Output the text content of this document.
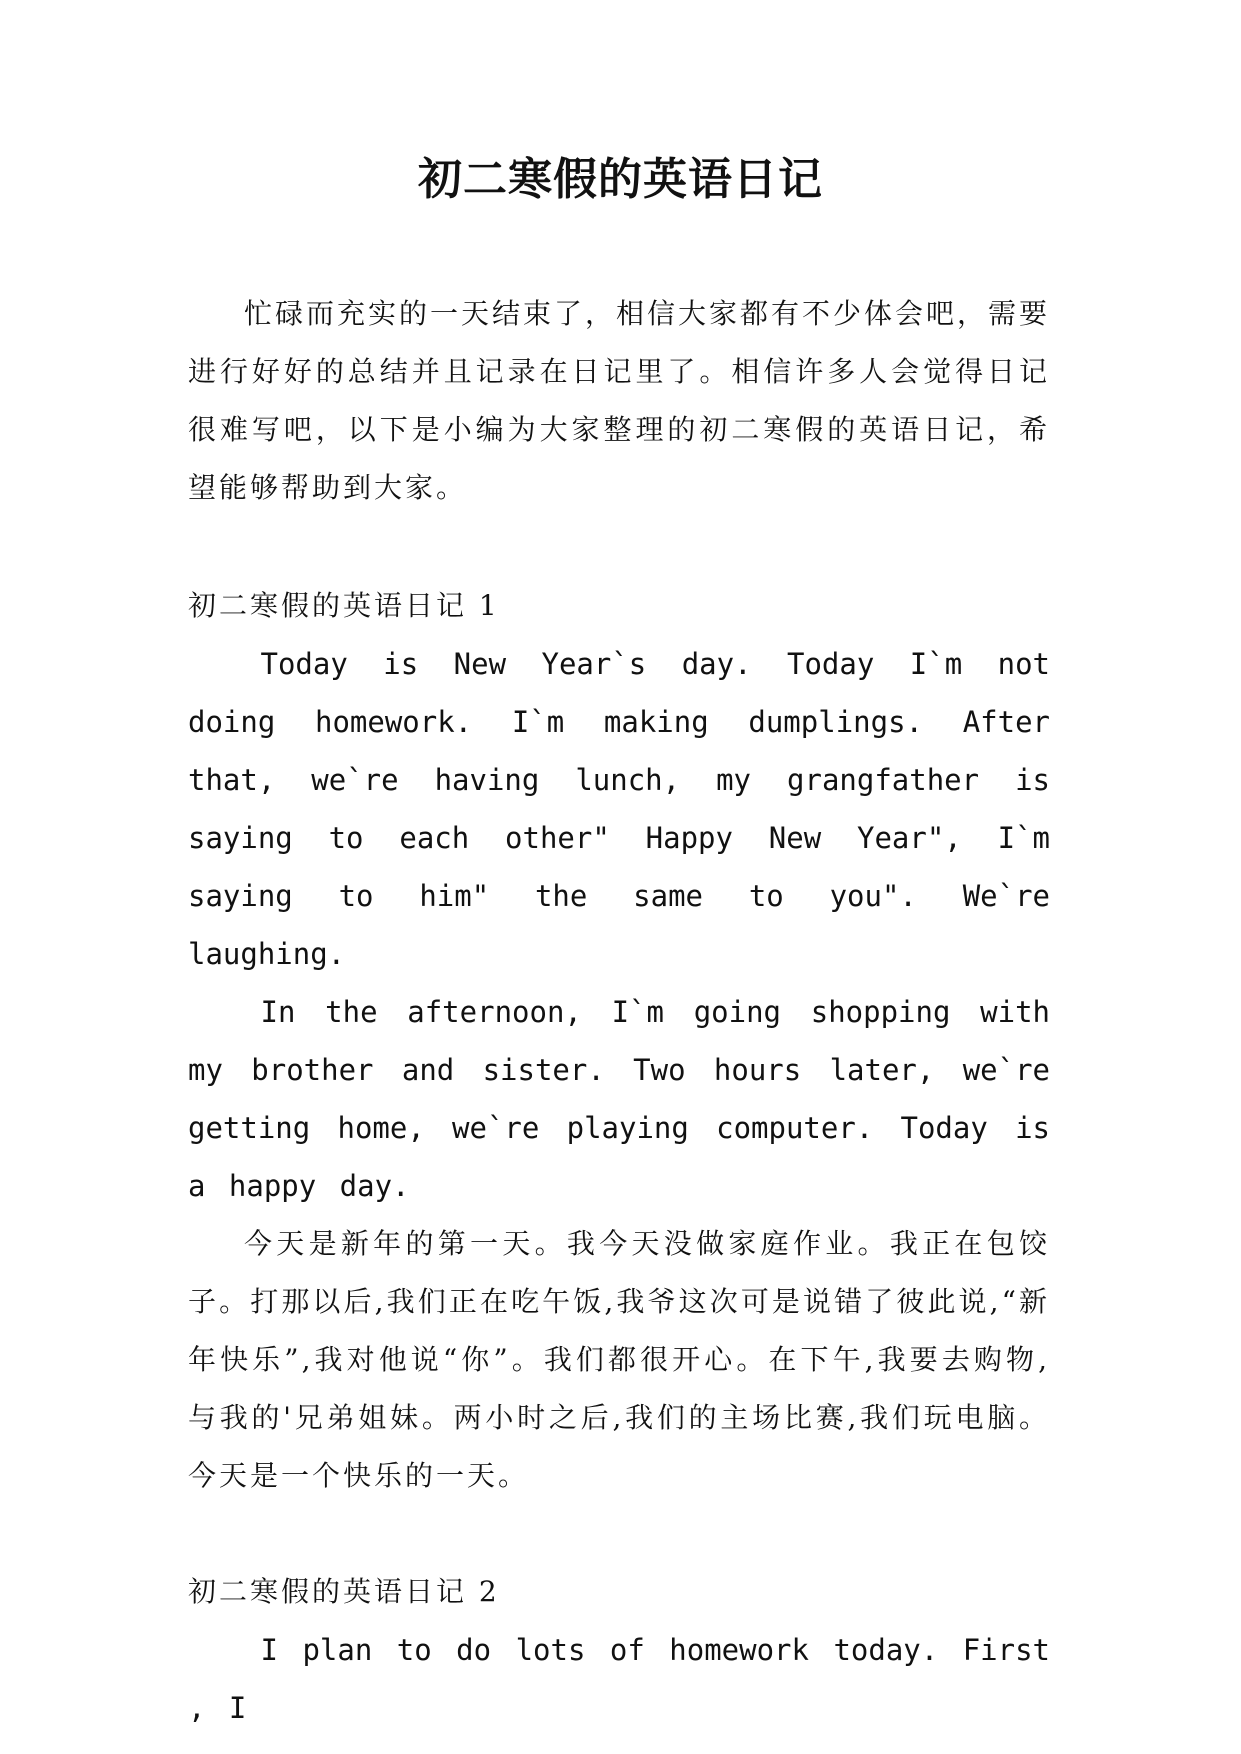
初二寒假的英语日记

忙碌而充实的一天结束了，相信大家都有不少体会吧，需要进行好好的总结并且记录在日记里了。相信许多人会觉得日记很难写吧，以下是小编为大家整理的初二寒假的英语日记，希望能够帮助到大家。

初二寒假的英语日记 1

Today is New Year`s day. Today I`m not doing homework. I`m making dumplings. After that, we`re having lunch, my grangfather is saying to each other" Happy New Year", I`m saying to him" the same to you". We`re laughing.

In the afternoon, I`m going shopping with my brother and sister. Two hours later, we`re getting home, we`re playing computer. Today is a happy day.

今天是新年的第一天。我今天没做家庭作业。我正在包饺子。打那以后,我们正在吃午饭,我爷这次可是说错了彼此说,“新年快乐”,我对他说“你”。我们都很开心。在下午,我要去购物,与我的'兄弟姐妹。两小时之后,我们的主场比赛,我们玩电脑。今天是一个快乐的一天。

初二寒假的英语日记 2

I plan to do lots of homework today. First , I
